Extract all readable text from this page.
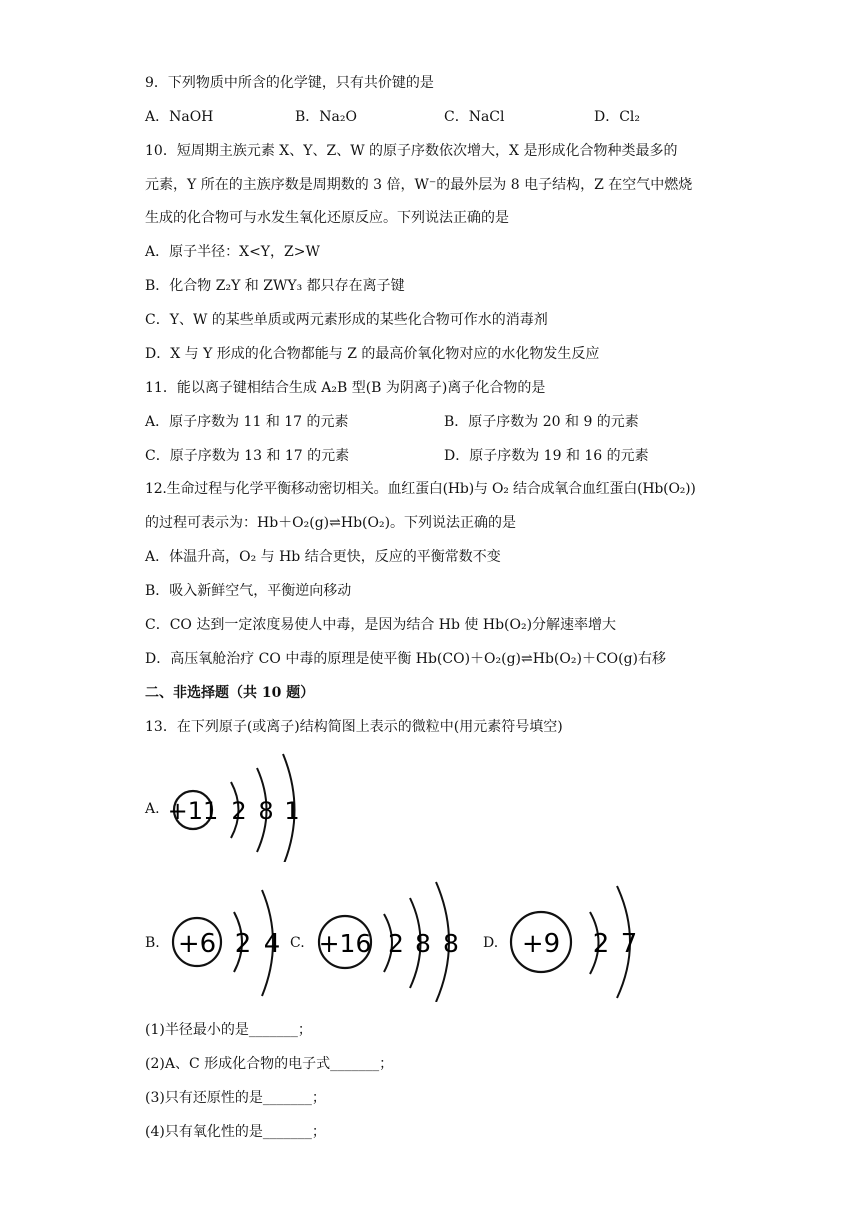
9．下列物质中所含的化学键，只有共价键的是
A．NaOH	B．Na₂O	C．NaCl	D．Cl₂
10．短周期主族元素 X、Y、Z、W 的原子序数依次增大，X 是形成化合物种类最多的
元素，Y 所在的主族序数是周期数的 3 倍，W⁻的最外层为 8 电子结构，Z 在空气中燃烧
生成的化合物可与水发生氧化还原反应。下列说法正确的是
A．原子半径：X<Y，Z>W
B．化合物 Z₂Y 和 ZWY₃ 都只存在离子键
C．Y、W 的某些单质或两元素形成的某些化合物可作水的消毒剂
D．X 与 Y 形成的化合物都能与 Z 的最高价氧化物对应的水化物发生反应
11．能以离子键相结合生成 A₂B 型(B 为阴离子)离子化合物的是
A．原子序数为 11 和 17 的元素	B．原子序数为 20 和 9 的元素
C．原子序数为 13 和 17 的元素	D．原子序数为 19 和 16 的元素
12.生命过程与化学平衡移动密切相关。血红蛋白(Hb)与 O₂ 结合成氧合血红蛋白(Hb(O₂))
的过程可表示为：Hb＋O₂(g)⇌Hb(O₂)。下列说法正确的是
A．体温升高，O₂ 与 Hb 结合更快，反应的平衡常数不变
B．吸入新鲜空气，平衡逆向移动
C．CO 达到一定浓度易使人中毒，是因为结合 Hb 使 Hb(O₂)分解速率增大
D．高压氧舱治疗 CO 中毒的原理是使平衡 Hb(CO)＋O₂(g)⇌Hb(O₂)＋CO(g)右移
二、非选择题（共 10 题）
13．在下列原子(或离子)结构简图上表示的微粒中(用元素符号填空)
A. +11 2 8 1
B. +6 2 4 C. +16 2 8 8 D. +9 2 7
(1)半径最小的是_______；
(2)A、C 形成化合物的电子式_______；
(3)只有还原性的是_______；
(4)只有氧化性的是_______；
